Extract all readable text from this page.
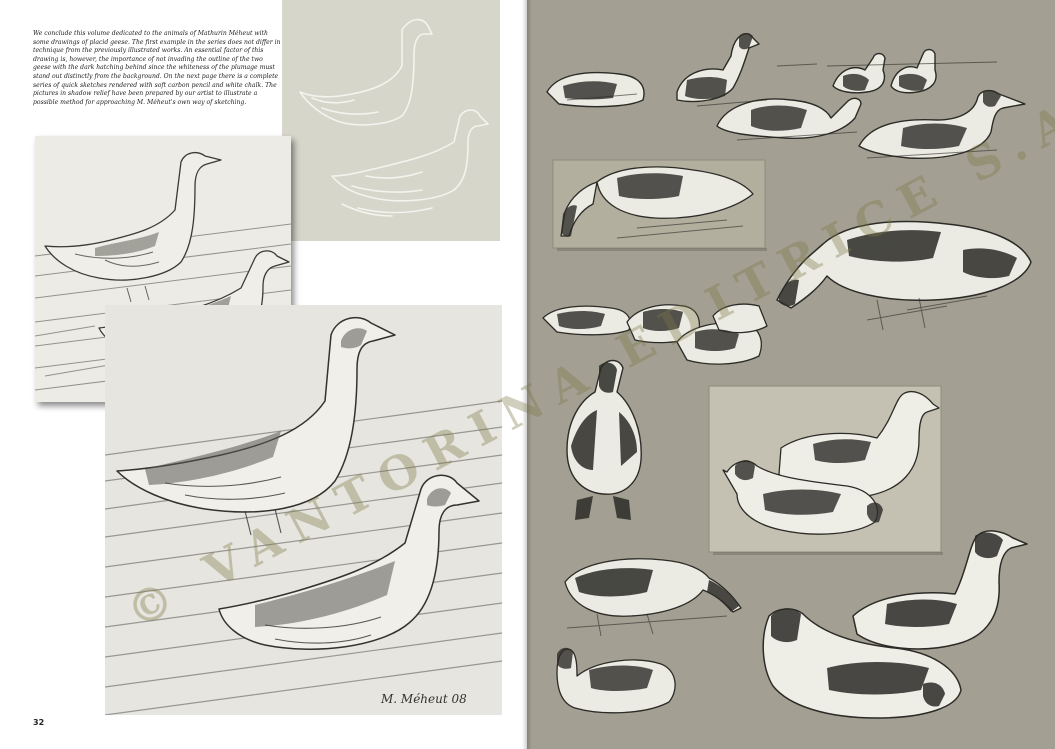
We conclude this volume dedicated to the animals of Mathurin Méheut with some drawings of placid geese. The first example in the series does not differ in technique from the previously illustrated works. An essential factor of this drawing is, however, the importance of not invading the outline of the two geese with the dark hatching behind since the whiteness of the plumage must stand out distinctly from the background. On the next page there is a complete series of quick sketches rendered with soft carbon pencil and white chalk. The pictures in shadow relief have been prepared by our artist to illustrate a possible method for approaching M. Méheut's own way of sketching.

M. Méheut 08
32
© VANTORINA EDITRICE
